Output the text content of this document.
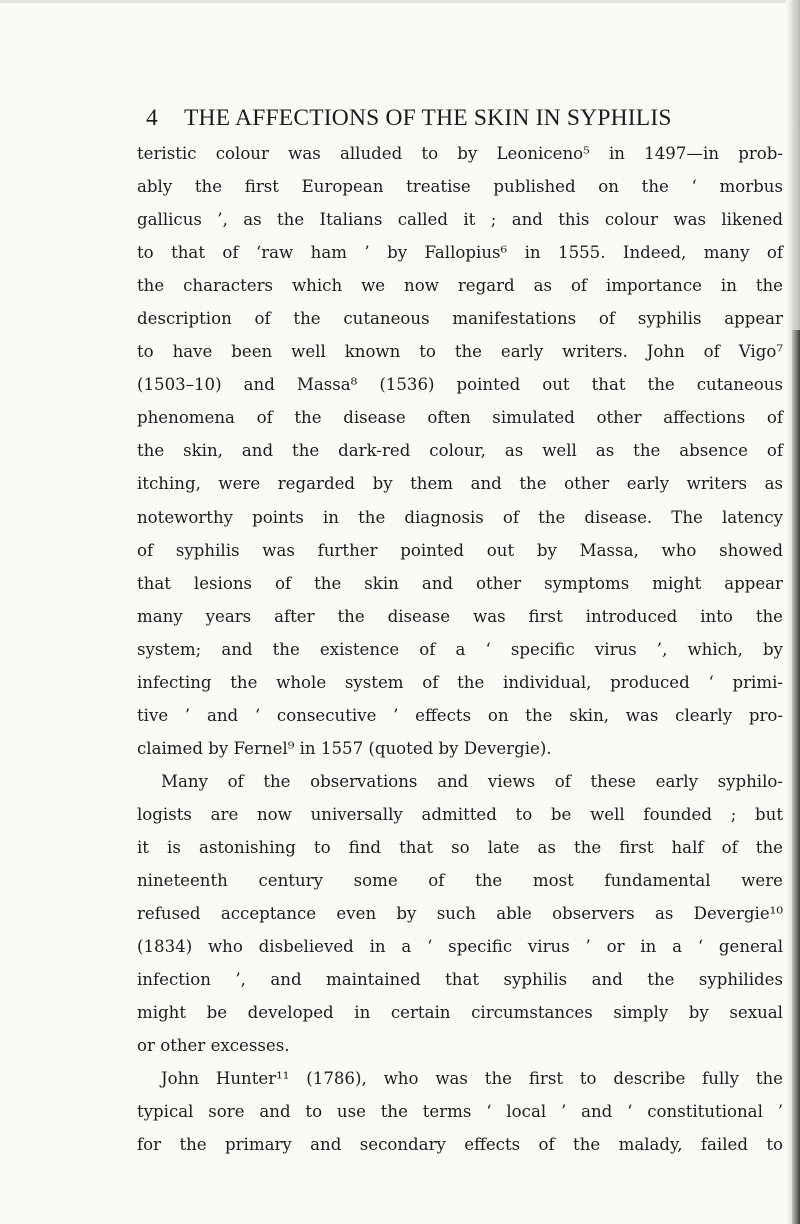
4 THE AFFECTIONS OF THE SKIN IN SYPHILIS
teristic colour was alluded to by Leoniceno⁵ in 1497—in prob-
ably the first European treatise published on the ‘ morbus
gallicus ’, as the Italians called it ; and this colour was likened
to that of ‘raw ham ’ by Fallopius⁶ in 1555. Indeed, many of
the characters which we now regard as of importance in the
description of the cutaneous manifestations of syphilis appear
to have been well known to the early writers. John of Vigo⁷
(1503–10) and Massa⁸ (1536) pointed out that the cutaneous
phenomena of the disease often simulated other affections of
the skin, and the dark-red colour, as well as the absence of
itching, were regarded by them and the other early writers as
noteworthy points in the diagnosis of the disease. The latency
of syphilis was further pointed out by Massa, who showed
that lesions of the skin and other symptoms might appear
many years after the disease was first introduced into the
system; and the existence of a ‘ specific virus ’, which, by
infecting the whole system of the individual, produced ‘ primi-
tive ’ and ‘ consecutive ’ effects on the skin, was clearly pro-
claimed by Fernel⁹ in 1557 (quoted by Devergie).
Many of the observations and views of these early syphilo-
logists are now universally admitted to be well founded ; but
it is astonishing to find that so late as the first half of the
nineteenth century some of the most fundamental were
refused acceptance even by such able observers as Devergie¹⁰
(1834) who disbelieved in a ‘ specific virus ’ or in a ‘ general
infection ’, and maintained that syphilis and the syphilides
might be developed in certain circumstances simply by sexual
or other excesses.
John Hunter¹¹ (1786), who was the first to describe fully the
typical sore and to use the terms ‘ local ’ and ‘ constitutional ’
for the primary and secondary effects of the malady, failed to
